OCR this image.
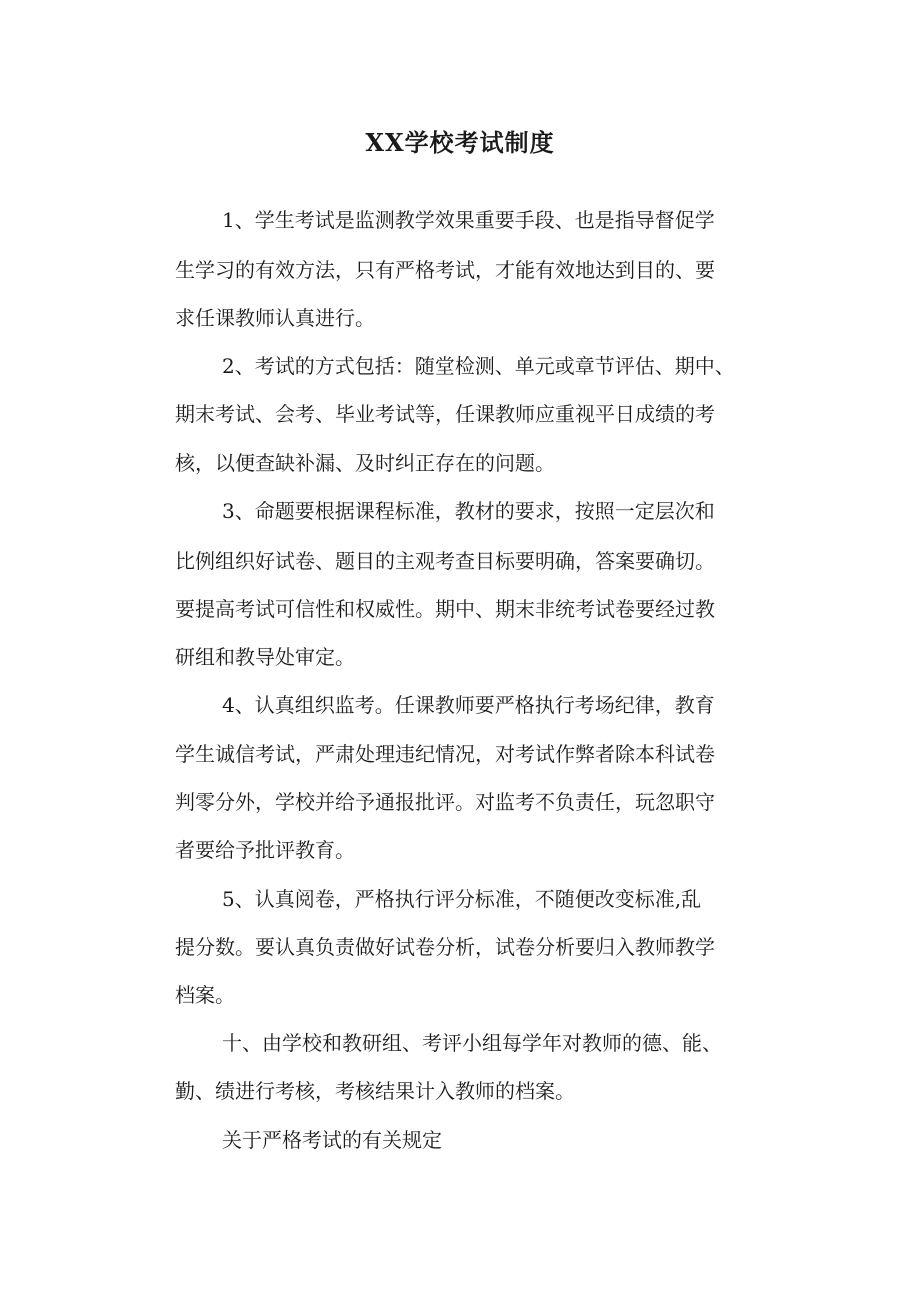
XX学校考试制度
1、学生考试是监测教学效果重要手段、也是指导督促学
生学习的有效方法，只有严格考试，才能有效地达到目的、要
求任课教师认真进行。
2、考试的方式包括：随堂检测、单元或章节评估、期中、
期末考试、会考、毕业考试等，任课教师应重视平日成绩的考
核，以便查缺补漏、及时纠正存在的问题。
3、命题要根据课程标准，教材的要求，按照一定层次和
比例组织好试卷、题目的主观考查目标要明确，答案要确切。
要提高考试可信性和权威性。期中、期末非统考试卷要经过教
研组和教导处审定。
4、认真组织监考。任课教师要严格执行考场纪律，教育
学生诚信考试，严肃处理违纪情况，对考试作弊者除本科试卷
判零分外，学校并给予通报批评。对监考不负责任，玩忽职守
者要给予批评教育。
5、认真阅卷，严格执行评分标准，不随便改变标准,乱
提分数。要认真负责做好试卷分析，试卷分析要归入教师教学
档案。
十、由学校和教研组、考评小组每学年对教师的德、能、
勤、绩进行考核，考核结果计入教师的档案。
关于严格考试的有关规定
